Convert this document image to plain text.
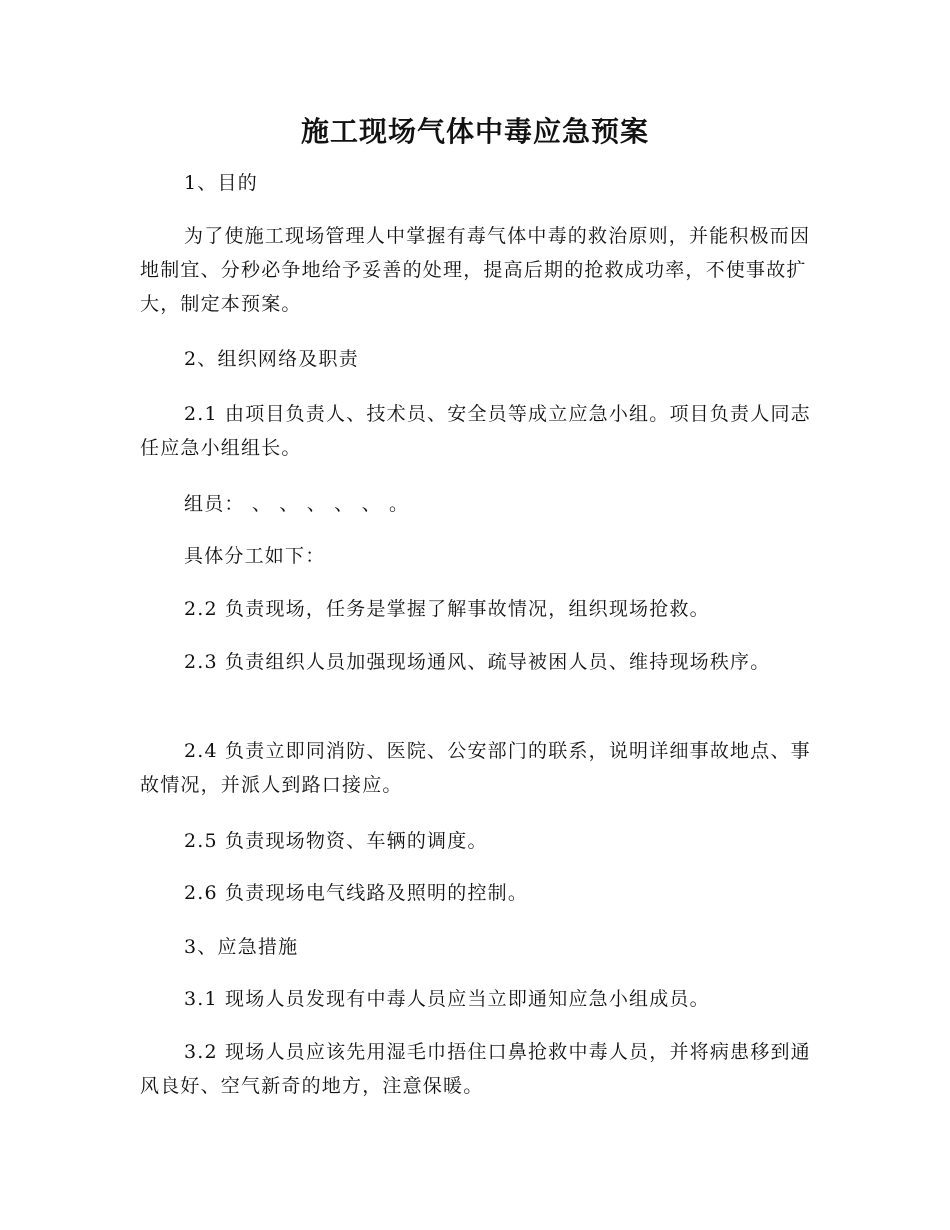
施工现场气体中毒应急预案

1、目的

为了使施工现场管理人中掌握有毒气体中毒的救治原则，并能积极而因地制宜、分秒必争地给予妥善的处理，提高后期的抢救成功率，不使事故扩大，制定本预案。

2、组织网络及职责

2.1 由项目负责人、技术员、安全员等成立应急小组。项目负责人同志任应急小组组长。

组员： 、 、 、 、 、 。

具体分工如下：

2.2 负责现场，任务是掌握了解事故情况，组织现场抢救。

2.3 负责组织人员加强现场通风、疏导被困人员、维持现场秩序。

2.4 负责立即同消防、医院、公安部门的联系，说明详细事故地点、事故情况，并派人到路口接应。

2.5 负责现场物资、车辆的调度。

2.6 负责现场电气线路及照明的控制。

3、应急措施

3.1 现场人员发现有中毒人员应当立即通知应急小组成员。

3.2 现场人员应该先用湿毛巾捂住口鼻抢救中毒人员，并将病患移到通风良好、空气新奇的地方，注意保暖。
